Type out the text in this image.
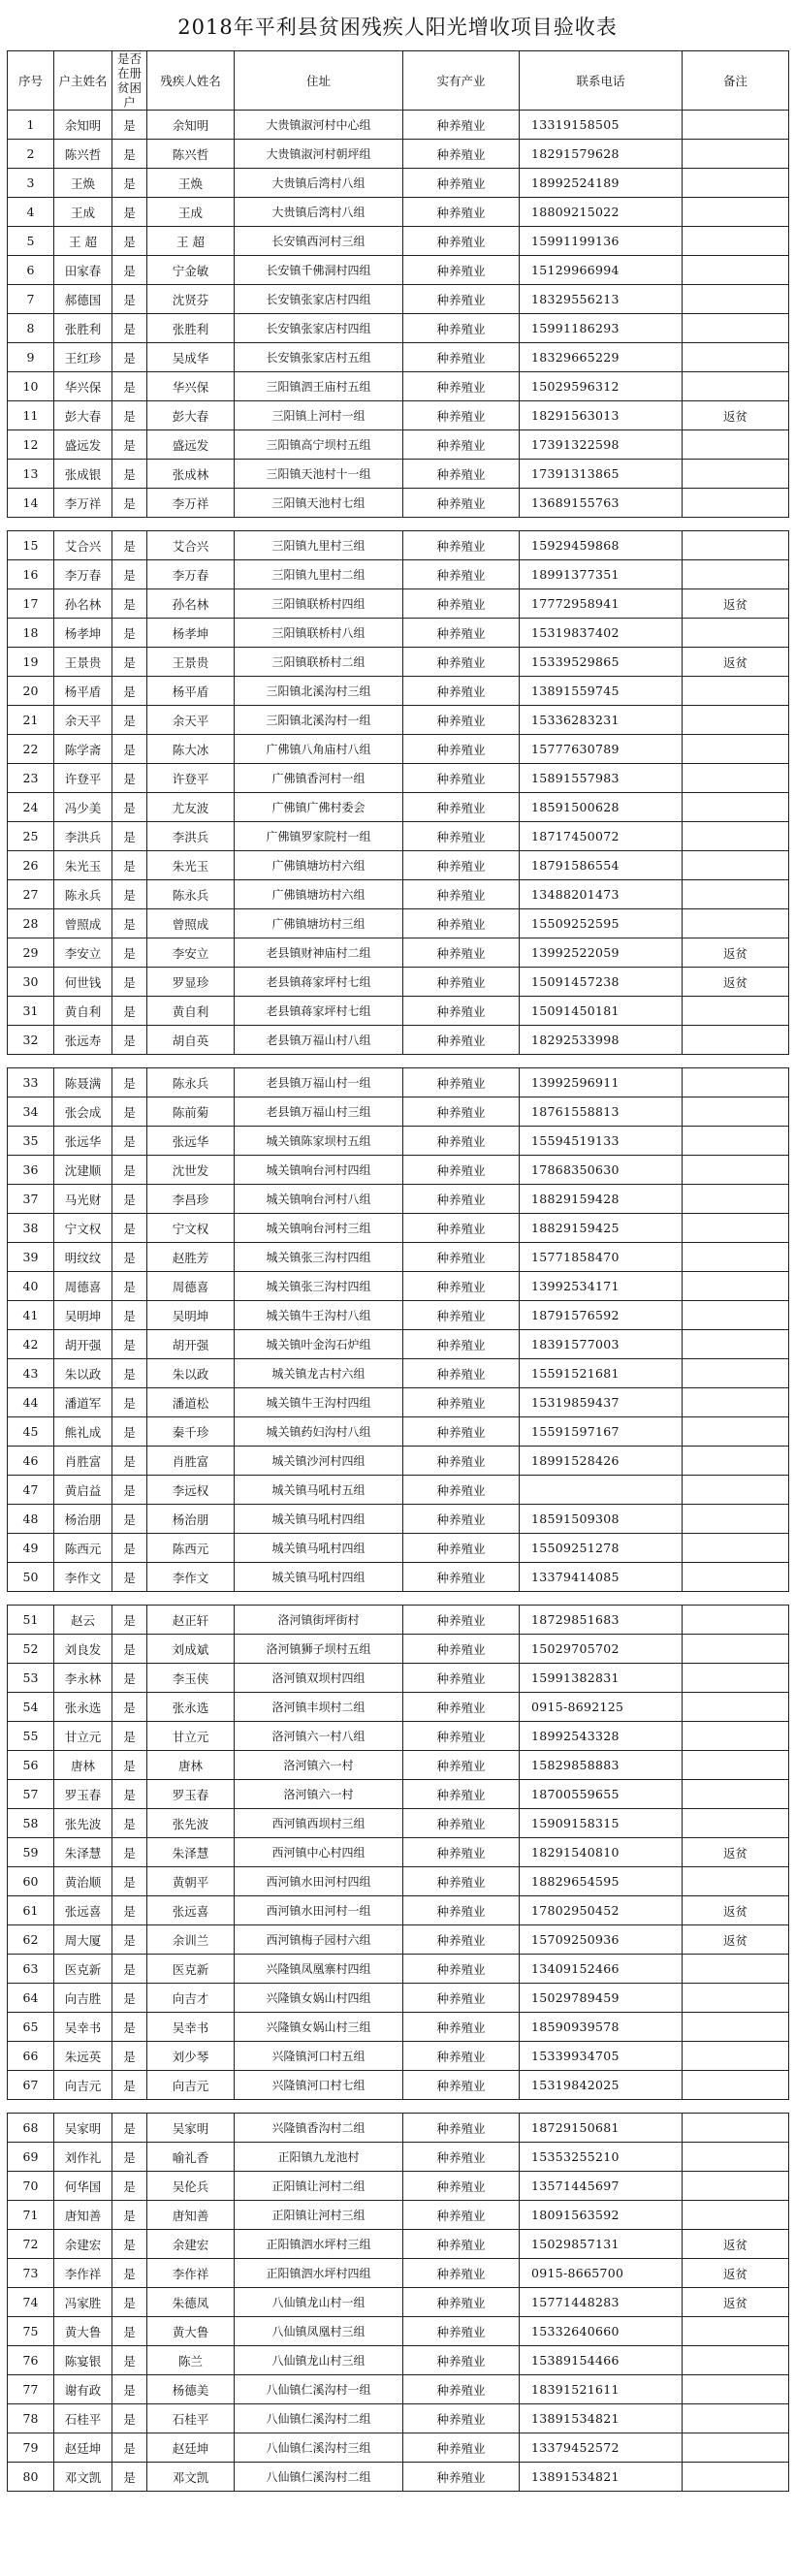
2018年平利县贫困残疾人阳光增收项目验收表
序号	户主姓名	是否在册贫困户	残疾人姓名	住址	实有产业	联系电话	备注
1	余知明	是	余知明	大贵镇淑河村中心组	种养殖业	13319158505	
2	陈兴哲	是	陈兴哲	大贵镇淑河村朝坪组	种养殖业	18291579628	
3	王焕	是	王焕	大贵镇后湾村八组	种养殖业	18992524189	
4	王成	是	王成	大贵镇后湾村八组	种养殖业	18809215022	
5	王 超	是	王 超	长安镇西河村三组	种养殖业	15991199136	
6	田家春	是	宁金敏	长安镇千佛洞村四组	种养殖业	15129966994	
7	郝德国	是	沈贤芬	长安镇张家店村四组	种养殖业	18329556213	
8	张胜利	是	张胜利	长安镇张家店村四组	种养殖业	15991186293	
9	王红珍	是	吴成华	长安镇张家店村五组	种养殖业	18329665229	
10	华兴保	是	华兴保	三阳镇泗王庙村五组	种养殖业	15029596312	
11	彭大春	是	彭大春	三阳镇上河村一组	种养殖业	18291563013	返贫
12	盛远发	是	盛远发	三阳镇高宁坝村五组	种养殖业	17391322598	
13	张成银	是	张成林	三阳镇天池村十一组	种养殖业	17391313865	
14	李万祥	是	李万祥	三阳镇天池村七组	种养殖业	13689155763	
15	艾合兴	是	艾合兴	三阳镇九里村三组	种养殖业	15929459868	
16	李万春	是	李万春	三阳镇九里村二组	种养殖业	18991377351	
17	孙名林	是	孙名林	三阳镇联桥村四组	种养殖业	17772958941	返贫
18	杨孝坤	是	杨孝坤	三阳镇联桥村八组	种养殖业	15319837402	
19	王景贵	是	王景贵	三阳镇联桥村二组	种养殖业	15339529865	返贫
20	杨平盾	是	杨平盾	三阳镇北溪沟村三组	种养殖业	13891559745	
21	余天平	是	余天平	三阳镇北溪沟村一组	种养殖业	15336283231	
22	陈学斋	是	陈大冰	广佛镇八角庙村八组	种养殖业	15777630789	
23	许登平	是	许登平	广佛镇香河村一组	种养殖业	15891557983	
24	冯少美	是	尤友波	广佛镇广佛村委会	种养殖业	18591500628	
25	李洪兵	是	李洪兵	广佛镇罗家院村一组	种养殖业	18717450072	
26	朱光玉	是	朱光玉	广佛镇塘坊村六组	种养殖业	18791586554	
27	陈永兵	是	陈永兵	广佛镇塘坊村六组	种养殖业	13488201473	
28	曾照成	是	曾照成	广佛镇塘坊村三组	种养殖业	15509252595	
29	李安立	是	李安立	老县镇财神庙村二组	种养殖业	13992522059	返贫
30	何世钱	是	罗显珍	老县镇蒋家坪村七组	种养殖业	15091457238	返贫
31	黄自利	是	黄自利	老县镇蒋家坪村七组	种养殖业	15091450181	
32	张远寿	是	胡自英	老县镇万福山村八组	种养殖业	18292533998	
33	陈聂满	是	陈永兵	老县镇万福山村一组	种养殖业	13992596911	
34	张会成	是	陈前菊	老县镇万福山村三组	种养殖业	18761558813	
35	张远华	是	张远华	城关镇陈家坝村五组	种养殖业	15594519133	
36	沈建顺	是	沈世发	城关镇响台河村四组	种养殖业	17868350630	
37	马光财	是	李昌珍	城关镇响台河村八组	种养殖业	18829159428	
38	宁文权	是	宁文权	城关镇响台河村三组	种养殖业	18829159425	
39	明纹纹	是	赵胜芳	城关镇张三沟村四组	种养殖业	15771858470	
40	周德喜	是	周德喜	城关镇张三沟村四组	种养殖业	13992534171	
41	吴明坤	是	吴明坤	城关镇牛王沟村八组	种养殖业	18791576592	
42	胡开强	是	胡开强	城关镇叶金沟石炉组	种养殖业	18391577003	
43	朱以政	是	朱以政	城关镇龙古村六组	种养殖业	15591521681	
44	潘道军	是	潘道松	城关镇牛王沟村四组	种养殖业	15319859437	
45	熊礼成	是	秦千珍	城关镇药妇沟村八组	种养殖业	15591597167	
46	肖胜富	是	肖胜富	城关镇沙河村四组	种养殖业	18991528426	
47	黄启益	是	李远权	城关镇马吼村五组	种养殖业		
48	杨治朋	是	杨治朋	城关镇马吼村四组	种养殖业	18591509308	
49	陈西元	是	陈西元	城关镇马吼村四组	种养殖业	15509251278	
50	李作文	是	李作文	城关镇马吼村四组	种养殖业	13379414085	
51	赵云	是	赵正轩	洛河镇街坪街村	种养殖业	18729851683	
52	刘良发	是	刘成斌	洛河镇狮子坝村五组	种养殖业	15029705702	
53	李永林	是	李玉侠	洛河镇双坝村四组	种养殖业	15991382831	
54	张永选	是	张永选	洛河镇丰坝村二组	种养殖业	0915-8692125	
55	甘立元	是	甘立元	洛河镇六一村八组	种养殖业	18992543328	
56	唐林	是	唐林	洛河镇六一村	种养殖业	15829858883	
57	罗玉春	是	罗玉春	洛河镇六一村	种养殖业	18700559655	
58	张先波	是	张先波	西河镇西坝村三组	种养殖业	15909158315	
59	朱泽慧	是	朱泽慧	西河镇中心村四组	种养殖业	18291540810	返贫
60	黄治顺	是	黄朝平	西河镇水田河村四组	种养殖业	18829654595	
61	张远喜	是	张远喜	西河镇水田河村一组	种养殖业	17802950452	返贫
62	周大厦	是	余训兰	西河镇梅子园村六组	种养殖业	15709250936	返贫
63	医克新	是	医克新	兴隆镇凤凰寨村四组	种养殖业	13409152466	
64	向吉胜	是	向吉才	兴隆镇女娲山村四组	种养殖业	15029789459	
65	吴幸书	是	吴幸书	兴隆镇女娲山村三组	种养殖业	18590939578	
66	朱远英	是	刘少琴	兴隆镇河口村五组	种养殖业	15339934705	
67	向吉元	是	向吉元	兴隆镇河口村七组	种养殖业	15319842025	
68	吴家明	是	吴家明	兴隆镇香沟村二组	种养殖业	18729150681	
69	刘作礼	是	喻礼香	正阳镇九龙池村	种养殖业	15353255210	
70	何华国	是	吴伦兵	正阳镇让河村二组	种养殖业	13571445697	
71	唐知善	是	唐知善	正阳镇让河村三组	种养殖业	18091563592	
72	余建宏	是	余建宏	正阳镇泗水坪村三组	种养殖业	15029857131	返贫
73	李作祥	是	李作祥	正阳镇泗水坪村四组	种养殖业	0915-8665700	返贫
74	冯家胜	是	朱德凤	八仙镇龙山村一组	种养殖业	15771448283	返贫
75	黄大鲁	是	黄大鲁	八仙镇凤凰村三组	种养殖业	15332640660	
76	陈宴银	是	陈兰	八仙镇龙山村三组	种养殖业	15389154466	
77	谢有政	是	杨德美	八仙镇仁溪沟村一组	种养殖业	18391521611	
78	石桂平	是	石桂平	八仙镇仁溪沟村二组	种养殖业	13891534821	
79	赵廷坤	是	赵廷坤	八仙镇仁溪沟村三组	种养殖业	13379452572	
80	邓文凯	是	邓文凯	八仙镇仁溪沟村二组	种养殖业	13891534821	
